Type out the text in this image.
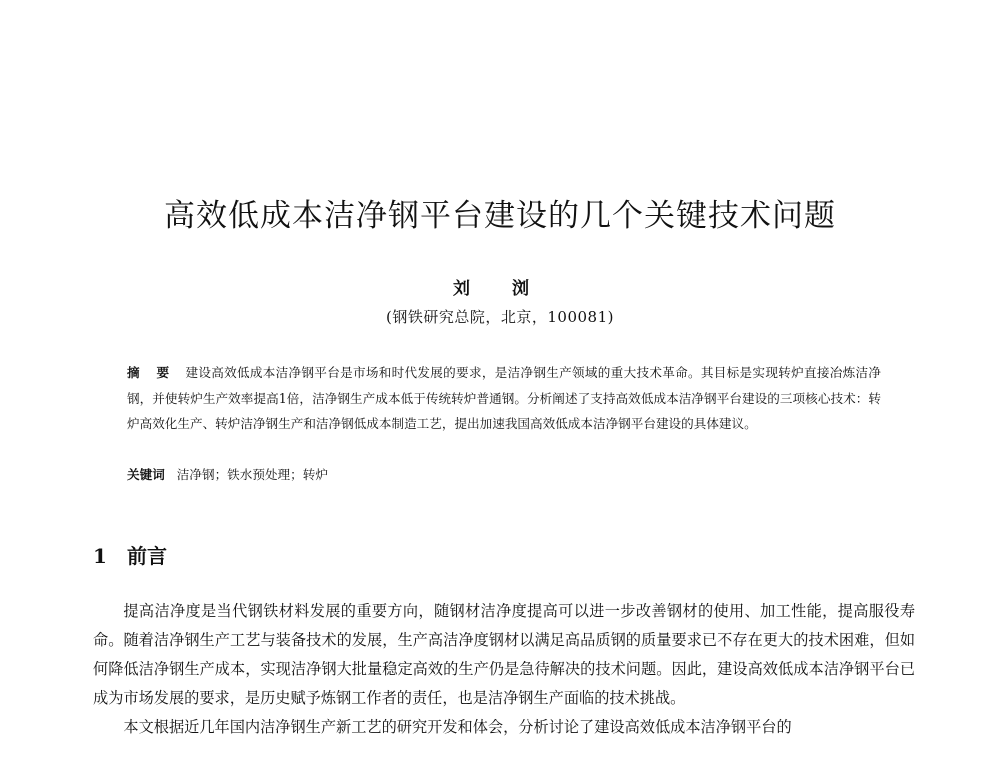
高效低成本洁净钢平台建设的几个关键技术问题
刘 浏
(钢铁研究总院，北京，100081)
摘 要 建设高效低成本洁净钢平台是市场和时代发展的要求，是洁净钢生产领域的重大技术革命。其目标是实现转炉直接冶炼洁净钢，并使转炉生产效率提高1倍，洁净钢生产成本低于传统转炉普通钢。分析阐述了支持高效低成本洁净钢平台建设的三项核心技术：转炉高效化生产、转炉洁净钢生产和洁净钢低成本制造工艺，提出加速我国高效低成本洁净钢平台建设的具体建议。
关键词 洁净钢；铁水预处理；转炉
1 前言

提高洁净度是当代钢铁材料发展的重要方向，随钢材洁净度提高可以进一步改善钢材的使用、加工性能，提高服役寿命。随着洁净钢生产工艺与装备技术的发展，生产高洁净度钢材以满足高品质钢的质量要求已不存在更大的技术困难，但如何降低洁净钢生产成本，实现洁净钢大批量稳定高效的生产仍是急待解决的技术问题。因此，建设高效低成本洁净钢平台已成为市场发展的要求，是历史赋予炼钢工作者的责任，也是洁净钢生产面临的技术挑战。

本文根据近几年国内洁净钢生产新工艺的研究开发和体会，分析讨论了建设高效低成本洁净钢平台的
